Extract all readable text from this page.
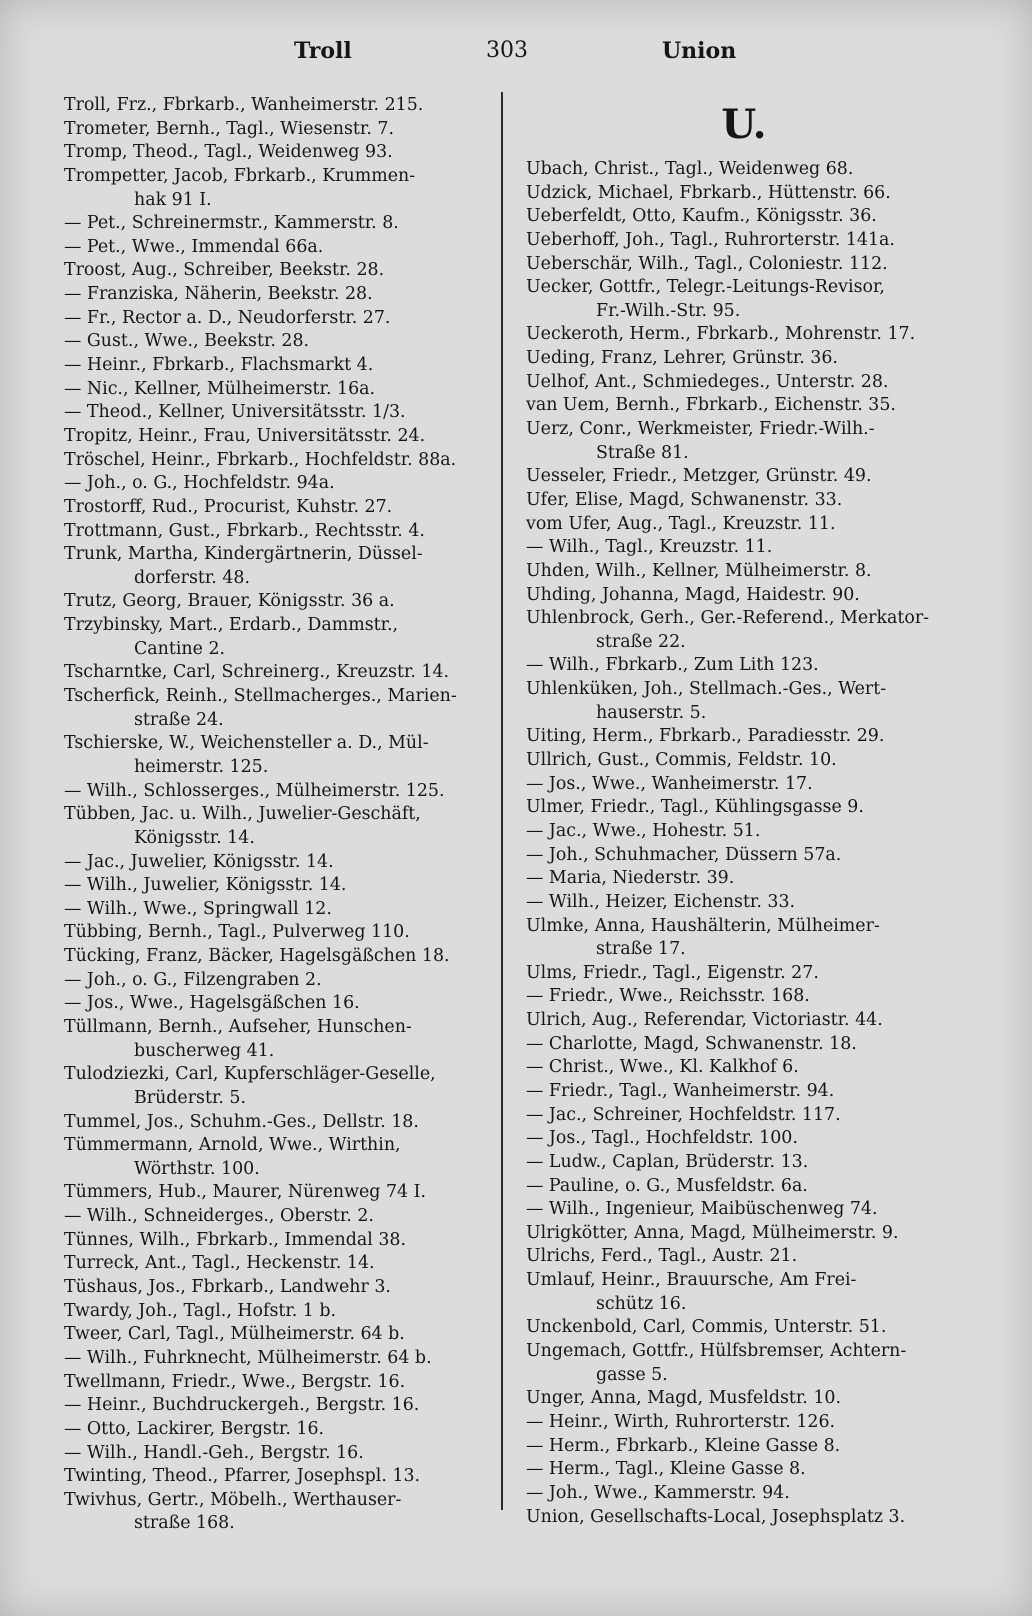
Troll	303	Union
Troll, Frz., Fbrkarb., Wanheimerstr. 215.
Trometer, Bernh., Tagl., Wiesenstr. 7.
Tromp, Theod., Tagl., Weidenweg 93.
Trompetter, Jacob, Fbrkarb., Krummen-
hak 91 I.
— Pet., Schreinermstr., Kammerstr. 8.
— Pet., Wwe., Immendal 66a.
Troost, Aug., Schreiber, Beekstr. 28.
— Franziska, Näherin, Beekstr. 28.
— Fr., Rector a. D., Neudorferstr. 27.
— Gust., Wwe., Beekstr. 28.
— Heinr., Fbrkarb., Flachsmarkt 4.
— Nic., Kellner, Mülheimerstr. 16a.
— Theod., Kellner, Universitätsstr. 1/3.
Tropitz, Heinr., Frau, Universitätsstr. 24.
Tröschel, Heinr., Fbrkarb., Hochfeldstr. 88a.
— Joh., o. G., Hochfeldstr. 94a.
Trostorff, Rud., Procurist, Kuhstr. 27.
Trottmann, Gust., Fbrkarb., Rechtsstr. 4.
Trunk, Martha, Kindergärtnerin, Düssel-
dorferstr. 48.
Trutz, Georg, Brauer, Königsstr. 36 a.
Trzybinsky, Mart., Erdarb., Dammstr.,
Cantine 2.
Tscharntke, Carl, Schreinerg., Kreuzstr. 14.
Tscherfick, Reinh., Stellmacherges., Marien-
straße 24.
Tschierske, W., Weichensteller a. D., Mül-
heimerstr. 125.
— Wilh., Schlosserges., Mülheimerstr. 125.
Tübben, Jac. u. Wilh., Juwelier-Geschäft,
Königsstr. 14.
— Jac., Juwelier, Königsstr. 14.
— Wilh., Juwelier, Königsstr. 14.
— Wilh., Wwe., Springwall 12.
Tübbing, Bernh., Tagl., Pulverweg 110.
Tücking, Franz, Bäcker, Hagelsgäßchen 18.
— Joh., o. G., Filzengraben 2.
— Jos., Wwe., Hagelsgäßchen 16.
Tüllmann, Bernh., Aufseher, Hunschen-
buscherweg 41.
Tulodziezki, Carl, Kupferschläger-Geselle,
Brüderstr. 5.
Tummel, Jos., Schuhm.-Ges., Dellstr. 18.
Tümmermann, Arnold, Wwe., Wirthin,
Wörthstr. 100.
Tümmers, Hub., Maurer, Nürenweg 74 I.
— Wilh., Schneiderges., Oberstr. 2.
Tünnes, Wilh., Fbrkarb., Immendal 38.
Turreck, Ant., Tagl., Heckenstr. 14.
Tüshaus, Jos., Fbrkarb., Landwehr 3.
Twardy, Joh., Tagl., Hofstr. 1 b.
Tweer, Carl, Tagl., Mülheimerstr. 64 b.
— Wilh., Fuhrknecht, Mülheimerstr. 64 b.
Twellmann, Friedr., Wwe., Bergstr. 16.
— Heinr., Buchdruckergeh., Bergstr. 16.
— Otto, Lackirer, Bergstr. 16.
— Wilh., Handl.-Geh., Bergstr. 16.
Twinting, Theod., Pfarrer, Josephspl. 13.
Twivhus, Gertr., Möbelh., Werthauser-
straße 168.
U.
Ubach, Christ., Tagl., Weidenweg 68.
Udzick, Michael, Fbrkarb., Hüttenstr. 66.
Ueberfeldt, Otto, Kaufm., Königsstr. 36.
Ueberhoff, Joh., Tagl., Ruhrorterstr. 141a.
Ueberschär, Wilh., Tagl., Coloniestr. 112.
Uecker, Gottfr., Telegr.-Leitungs-Revisor,
Fr.-Wilh.-Str. 95.
Ueckeroth, Herm., Fbrkarb., Mohrenstr. 17.
Ueding, Franz, Lehrer, Grünstr. 36.
Uelhof, Ant., Schmiedeges., Unterstr. 28.
van Uem, Bernh., Fbrkarb., Eichenstr. 35.
Uerz, Conr., Werkmeister, Friedr.-Wilh.-
Straße 81.
Uesseler, Friedr., Metzger, Grünstr. 49.
Ufer, Elise, Magd, Schwanenstr. 33.
vom Ufer, Aug., Tagl., Kreuzstr. 11.
— Wilh., Tagl., Kreuzstr. 11.
Uhden, Wilh., Kellner, Mülheimerstr. 8.
Uhding, Johanna, Magd, Haidestr. 90.
Uhlenbrock, Gerh., Ger.-Referend., Merkator-
straße 22.
— Wilh., Fbrkarb., Zum Lith 123.
Uhlenküken, Joh., Stellmach.-Ges., Wert-
hauserstr. 5.
Uiting, Herm., Fbrkarb., Paradiesstr. 29.
Ullrich, Gust., Commis, Feldstr. 10.
— Jos., Wwe., Wanheimerstr. 17.
Ulmer, Friedr., Tagl., Kühlingsgasse 9.
— Jac., Wwe., Hohestr. 51.
— Joh., Schuhmacher, Düssern 57a.
— Maria, Niederstr. 39.
— Wilh., Heizer, Eichenstr. 33.
Ulmke, Anna, Haushälterin, Mülheimer-
straße 17.
Ulms, Friedr., Tagl., Eigenstr. 27.
— Friedr., Wwe., Reichsstr. 168.
Ulrich, Aug., Referendar, Victoriastr. 44.
— Charlotte, Magd, Schwanenstr. 18.
— Christ., Wwe., Kl. Kalkhof 6.
— Friedr., Tagl., Wanheimerstr. 94.
— Jac., Schreiner, Hochfeldstr. 117.
— Jos., Tagl., Hochfeldstr. 100.
— Ludw., Caplan, Brüderstr. 13.
— Pauline, o. G., Musfeldstr. 6a.
— Wilh., Ingenieur, Maibüschenweg 74.
Ulrigkötter, Anna, Magd, Mülheimerstr. 9.
Ulrichs, Ferd., Tagl., Austr. 21.
Umlauf, Heinr., Brauursche, Am Frei-
schütz 16.
Unckenbold, Carl, Commis, Unterstr. 51.
Ungemach, Gottfr., Hülfsbremser, Achtern-
gasse 5.
Unger, Anna, Magd, Musfeldstr. 10.
— Heinr., Wirth, Ruhrorterstr. 126.
— Herm., Fbrkarb., Kleine Gasse 8.
— Herm., Tagl., Kleine Gasse 8.
— Joh., Wwe., Kammerstr. 94.
Union, Gesellschafts-Local, Josephsplatz 3.
